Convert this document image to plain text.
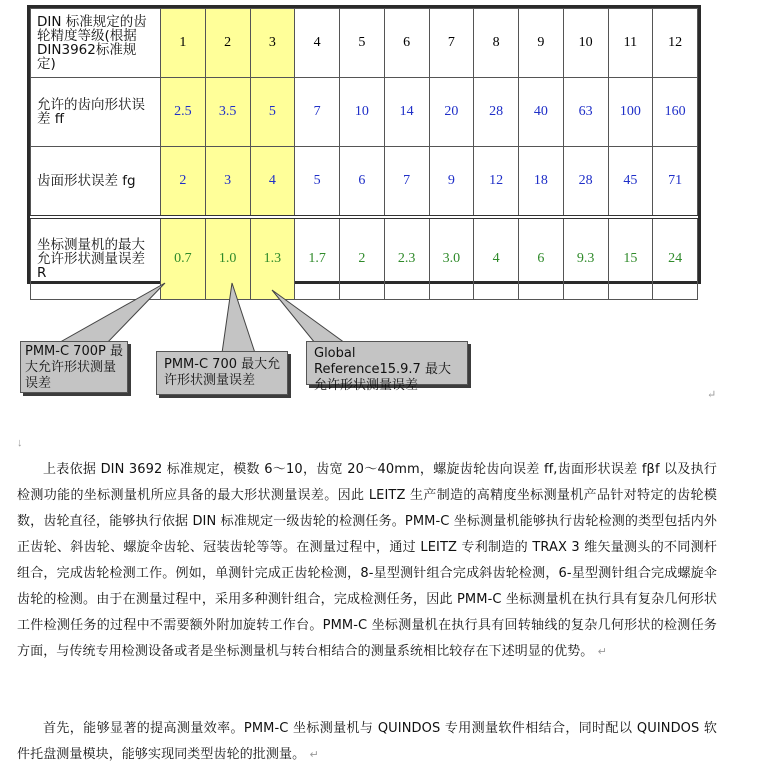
DIN 标准规定的齿轮精度等级(根据 DIN3962标准规定)	1	2	3	4	5	6	7	8	9	10	11	12
允许的齿向形状误差 ff	2.5	3.5	5	7	10	14	20	28	40	63	100	160
齿面形状误差 fg	2	3	4	5	6	7	9	12	18	28	45	71
坐标测量机的最大允许形状测量误差 R	0.7	1.0	1.3	1.7	2	2.3	3.0	4	6	9.3	15	24
PMM-C 700P 最大允许形状测量误差
PMM-C 700 最大允许形状测量误差
Global Reference15.9.7 最大允许形状测量误差
↵
↓

上表依据 DIN 3692 标准规定，模数 6～10，齿宽 20～40mm，螺旋齿轮齿向误差 ff,齿面形状误差 fβf 以及执行检测功能的坐标测量机所应具备的最大形状测量误差。因此 LEITZ 生产制造的高精度坐标测量机产品针对特定的齿轮模数，齿轮直径，能够执行依据 DIN 标准规定一级齿轮的检测任务。PMM-C 坐标测量机能够执行齿轮检测的类型包括内外正齿轮、斜齿轮、螺旋伞齿轮、冠装齿轮等等。在测量过程中，通过 LEITZ 专利制造的 TRAX 3 维矢量测头的不同测杆组合，完成齿轮检测工作。例如，单测针完成正齿轮检测，8-星型测针组合完成斜齿轮检测，6-星型测针组合完成螺旋伞齿轮的检测。由于在测量过程中，采用多种测针组合，完成检测任务，因此 PMM-C 坐标测量机在执行具有复杂几何形状工件检测任务的过程中不需要额外附加旋转工作台。PMM-C 坐标测量机在执行具有回转轴线的复杂几何形状的检测任务方面，与传统专用检测设备或者是坐标测量机与转台相结合的测量系统相比较存在下述明显的优势。 ↵

首先，能够显著的提高测量效率。PMM-C 坐标测量机与 QUINDOS 专用测量软件相结合，同时配以 QUINDOS 软件托盘测量模块，能够实现同类型齿轮的批测量。 ↵
